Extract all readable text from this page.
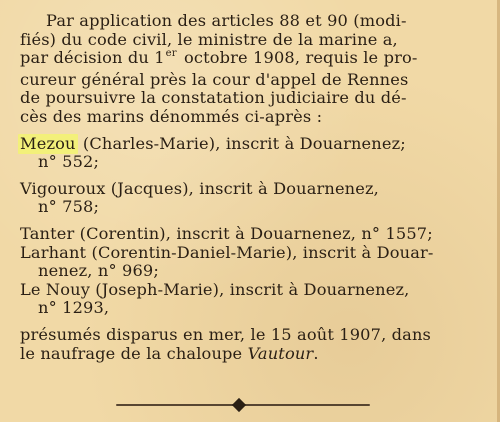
Par application des articles 88 et 90 (modi-
fiés) du code civil, le ministre de la marine a,
par décision du 1er octobre 1908, requis le pro-
cureur général près la cour d'appel de Rennes
de poursuivre la constatation judiciaire du dé-
cès des marins dénommés ci-après :
Mezou (Charles-Marie), inscrit à Douarnenez;
n° 552;
Vigouroux (Jacques), inscrit à Douarnenez,
n° 758;
Tanter (Corentin), inscrit à Douarnenez, n° 1557;
Larhant (Corentin-Daniel-Marie), inscrit à Douar-
nenez, n° 969;
Le Nouy (Joseph-Marie), inscrit à Douarnenez,
n° 1293,
présumés disparus en mer, le 15 août 1907, dans
le naufrage de la chaloupe Vautour.
